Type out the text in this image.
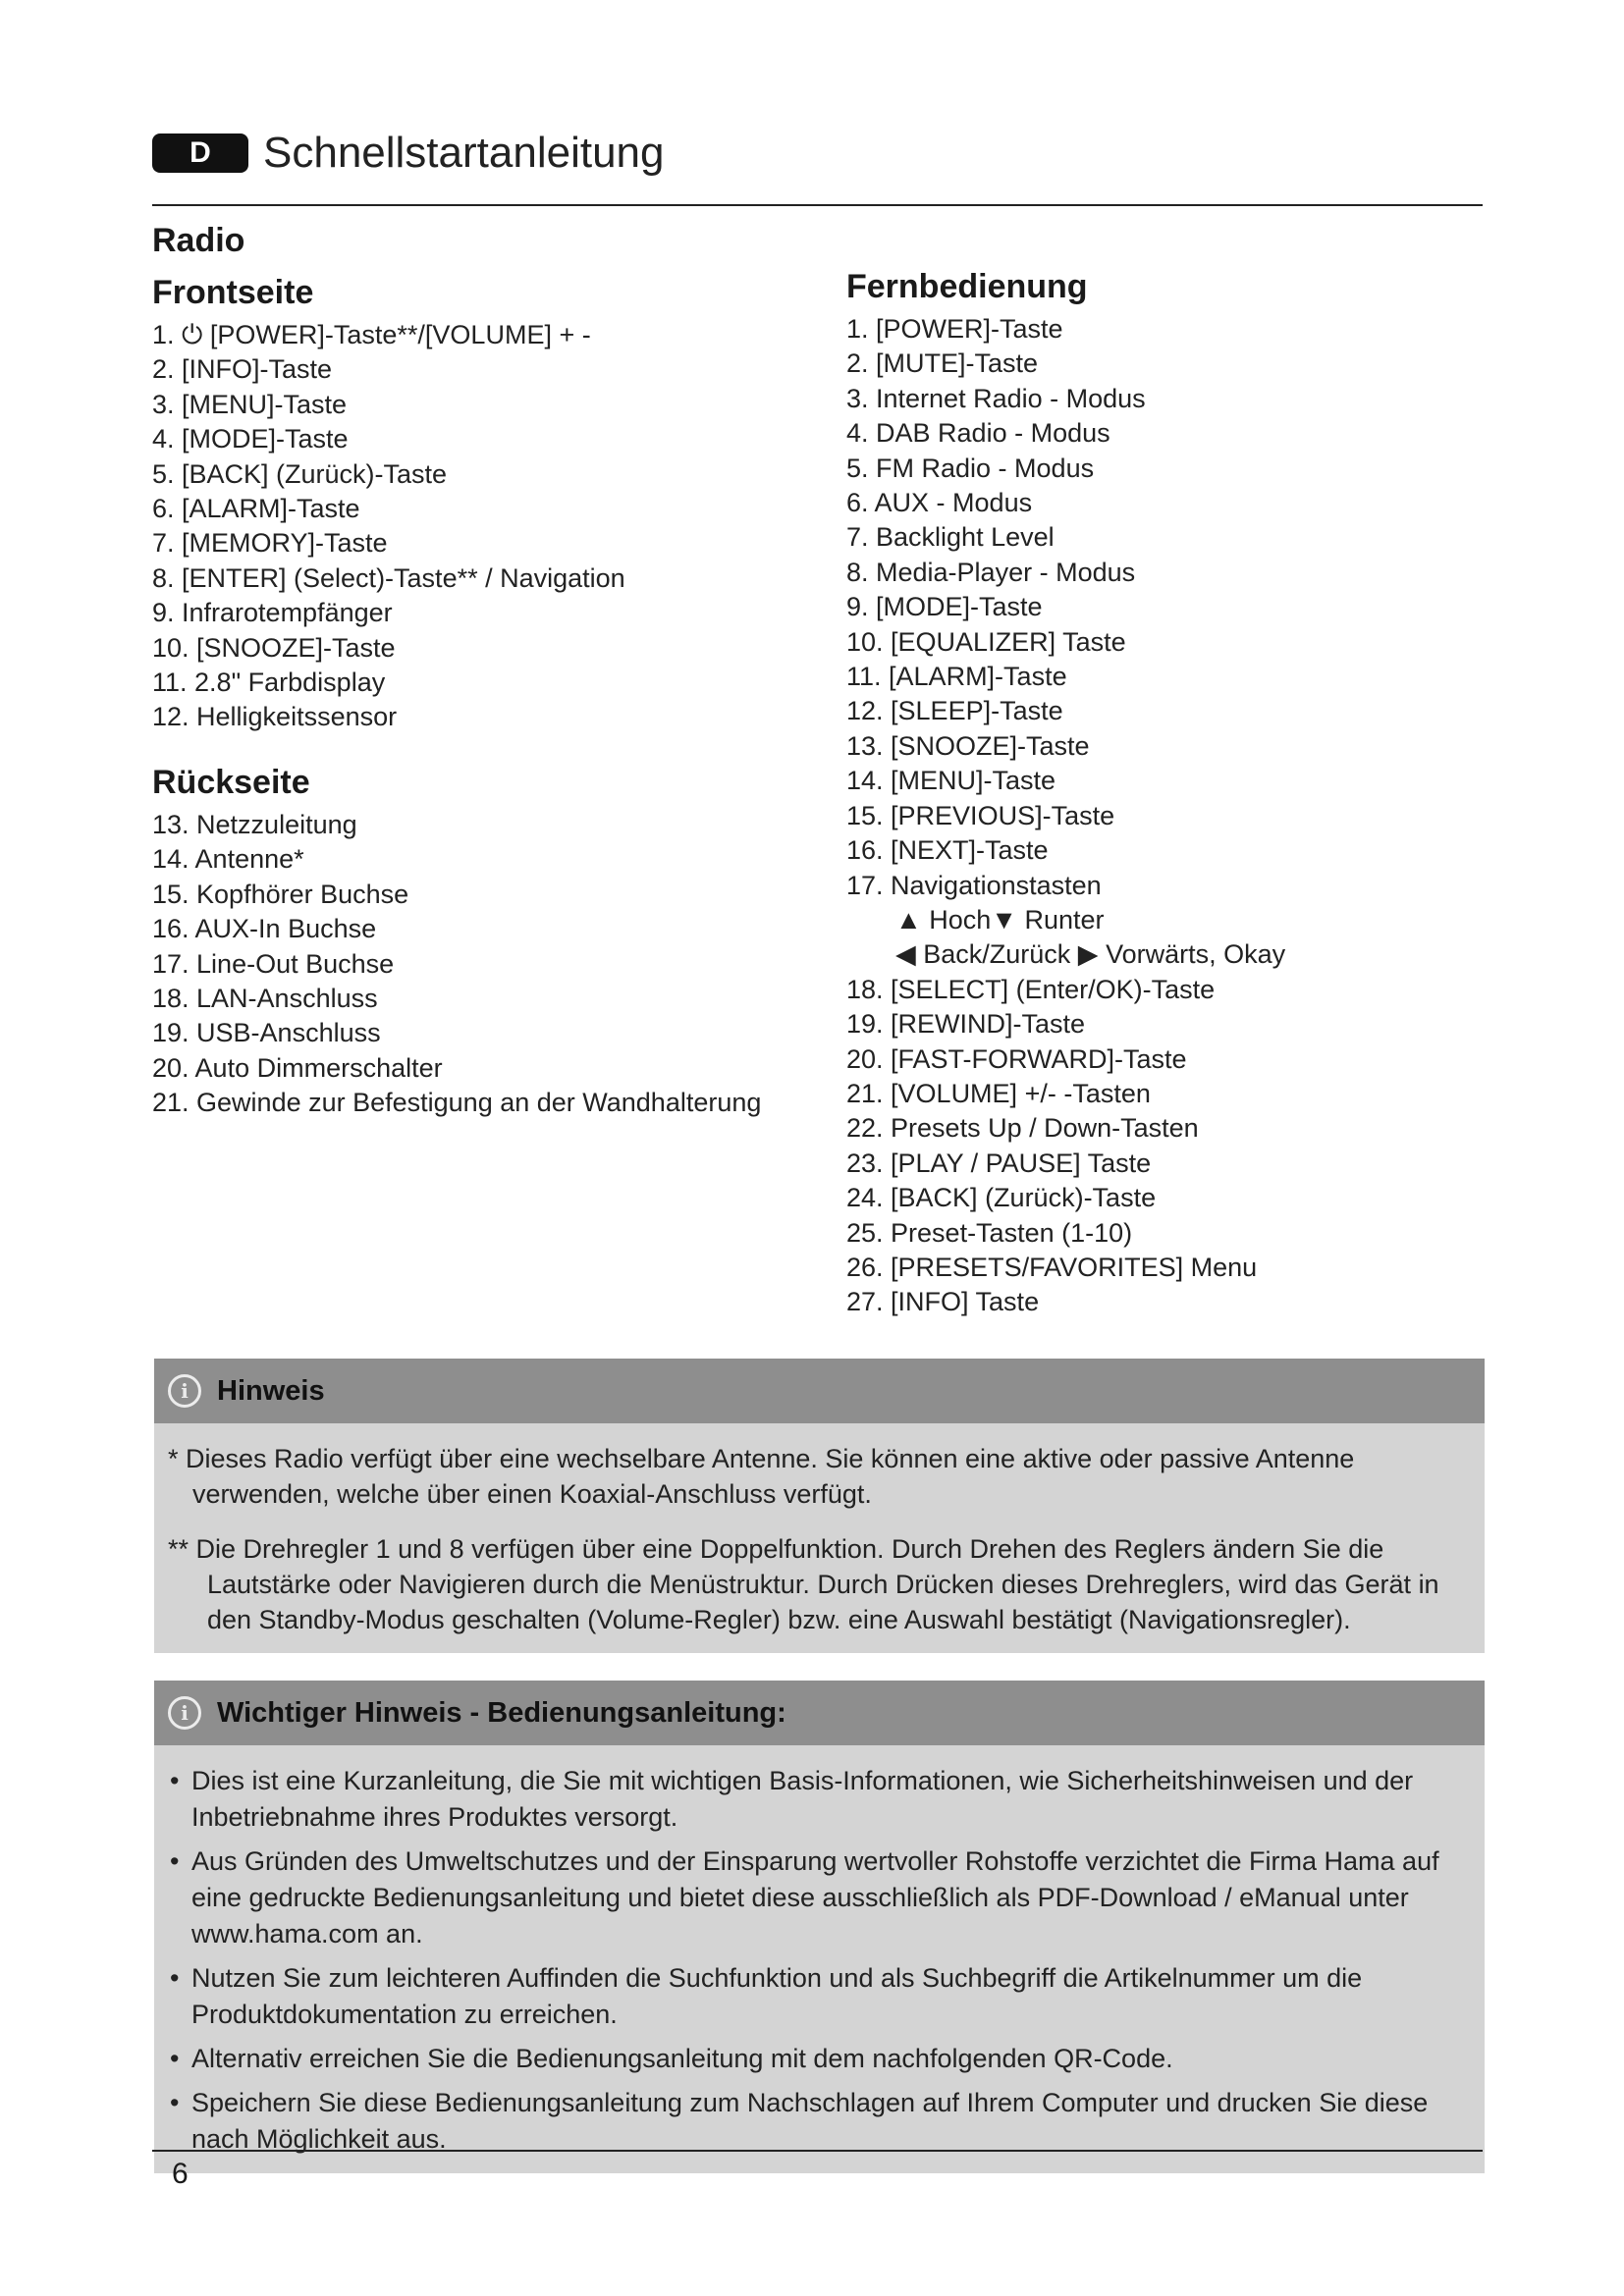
D	Schnellstartanleitung
Radio
Frontseite
1. ⏻ [POWER]-Taste**/[VOLUME] + -
2. [INFO]-Taste
3. [MENU]-Taste
4. [MODE]-Taste
5. [BACK] (Zurück)-Taste
6. [ALARM]-Taste
7. [MEMORY]-Taste
8. [ENTER] (Select)-Taste** / Navigation
9. Infrarotempfänger
10. [SNOOZE]-Taste
11. 2.8" Farbdisplay
12. Helligkeitssensor
Rückseite
13. Netzzuleitung
14. Antenne*
15. Kopfhörer Buchse
16. AUX-In Buchse
17. Line-Out Buchse
18. LAN-Anschluss
19. USB-Anschluss
20. Auto Dimmerschalter
21. Gewinde zur Befestigung an der Wandhalterung
Fernbedienung
1. [POWER]-Taste
2. [MUTE]-Taste
3. Internet Radio - Modus
4. DAB Radio - Modus
5. FM Radio - Modus
6. AUX - Modus
7. Backlight Level
8. Media-Player - Modus
9. [MODE]-Taste
10. [EQUALIZER] Taste
11. [ALARM]-Taste
12. [SLEEP]-Taste
13. [SNOOZE]-Taste
14. [MENU]-Taste
15. [PREVIOUS]-Taste
16. [NEXT]-Taste
17. Navigationstasten
▲ Hoch▼ Runter
◀ Back/Zurück ▶ Vorwärts, Okay
18. [SELECT] (Enter/OK)-Taste
19. [REWIND]-Taste
20. [FAST-FORWARD]-Taste
21. [VOLUME] +/- -Tasten
22. Presets Up / Down-Tasten
23. [PLAY / PAUSE] Taste
24. [BACK] (Zurück)-Taste
25. Preset-Tasten (1-10)
26. [PRESETS/FAVORITES] Menu
27. [INFO] Taste
i	Hinweis

* Dieses Radio verfügt über eine wechselbare Antenne. Sie können eine aktive oder passive Antenne verwenden, welche über einen Koaxial-Anschluss verfügt.

** Die Drehregler 1 und 8 verfügen über eine Doppelfunktion. Durch Drehen des Reglers ändern Sie die Lautstärke oder Navigieren durch die Menüstruktur. Durch Drücken dieses Drehreglers, wird das Gerät in den Standby-Modus geschalten (Volume-Regler) bzw. eine Auswahl bestätigt (Navigationsregler).

i	Wichtiger Hinweis - Bedienungsanleitung:
• Dies ist eine Kurzanleitung, die Sie mit wichtigen Basis-Informationen, wie Sicherheitshinweisen und der Inbetriebnahme ihres Produktes versorgt.
• Aus Gründen des Umweltschutzes und der Einsparung wertvoller Rohstoffe verzichtet die Firma Hama auf eine gedruckte Bedienungsanleitung und bietet diese ausschließlich als PDF-Download / eManual unter www.hama.com an.
• Nutzen Sie zum leichteren Auffinden die Suchfunktion und als Suchbegriff die Artikelnummer um die Produktdokumentation zu erreichen.
• Alternativ erreichen Sie die Bedienungsanleitung mit dem nachfolgenden QR-Code.
• Speichern Sie diese Bedienungsanleitung zum Nachschlagen auf Ihrem Computer und drucken Sie diese nach Möglichkeit aus.
6
